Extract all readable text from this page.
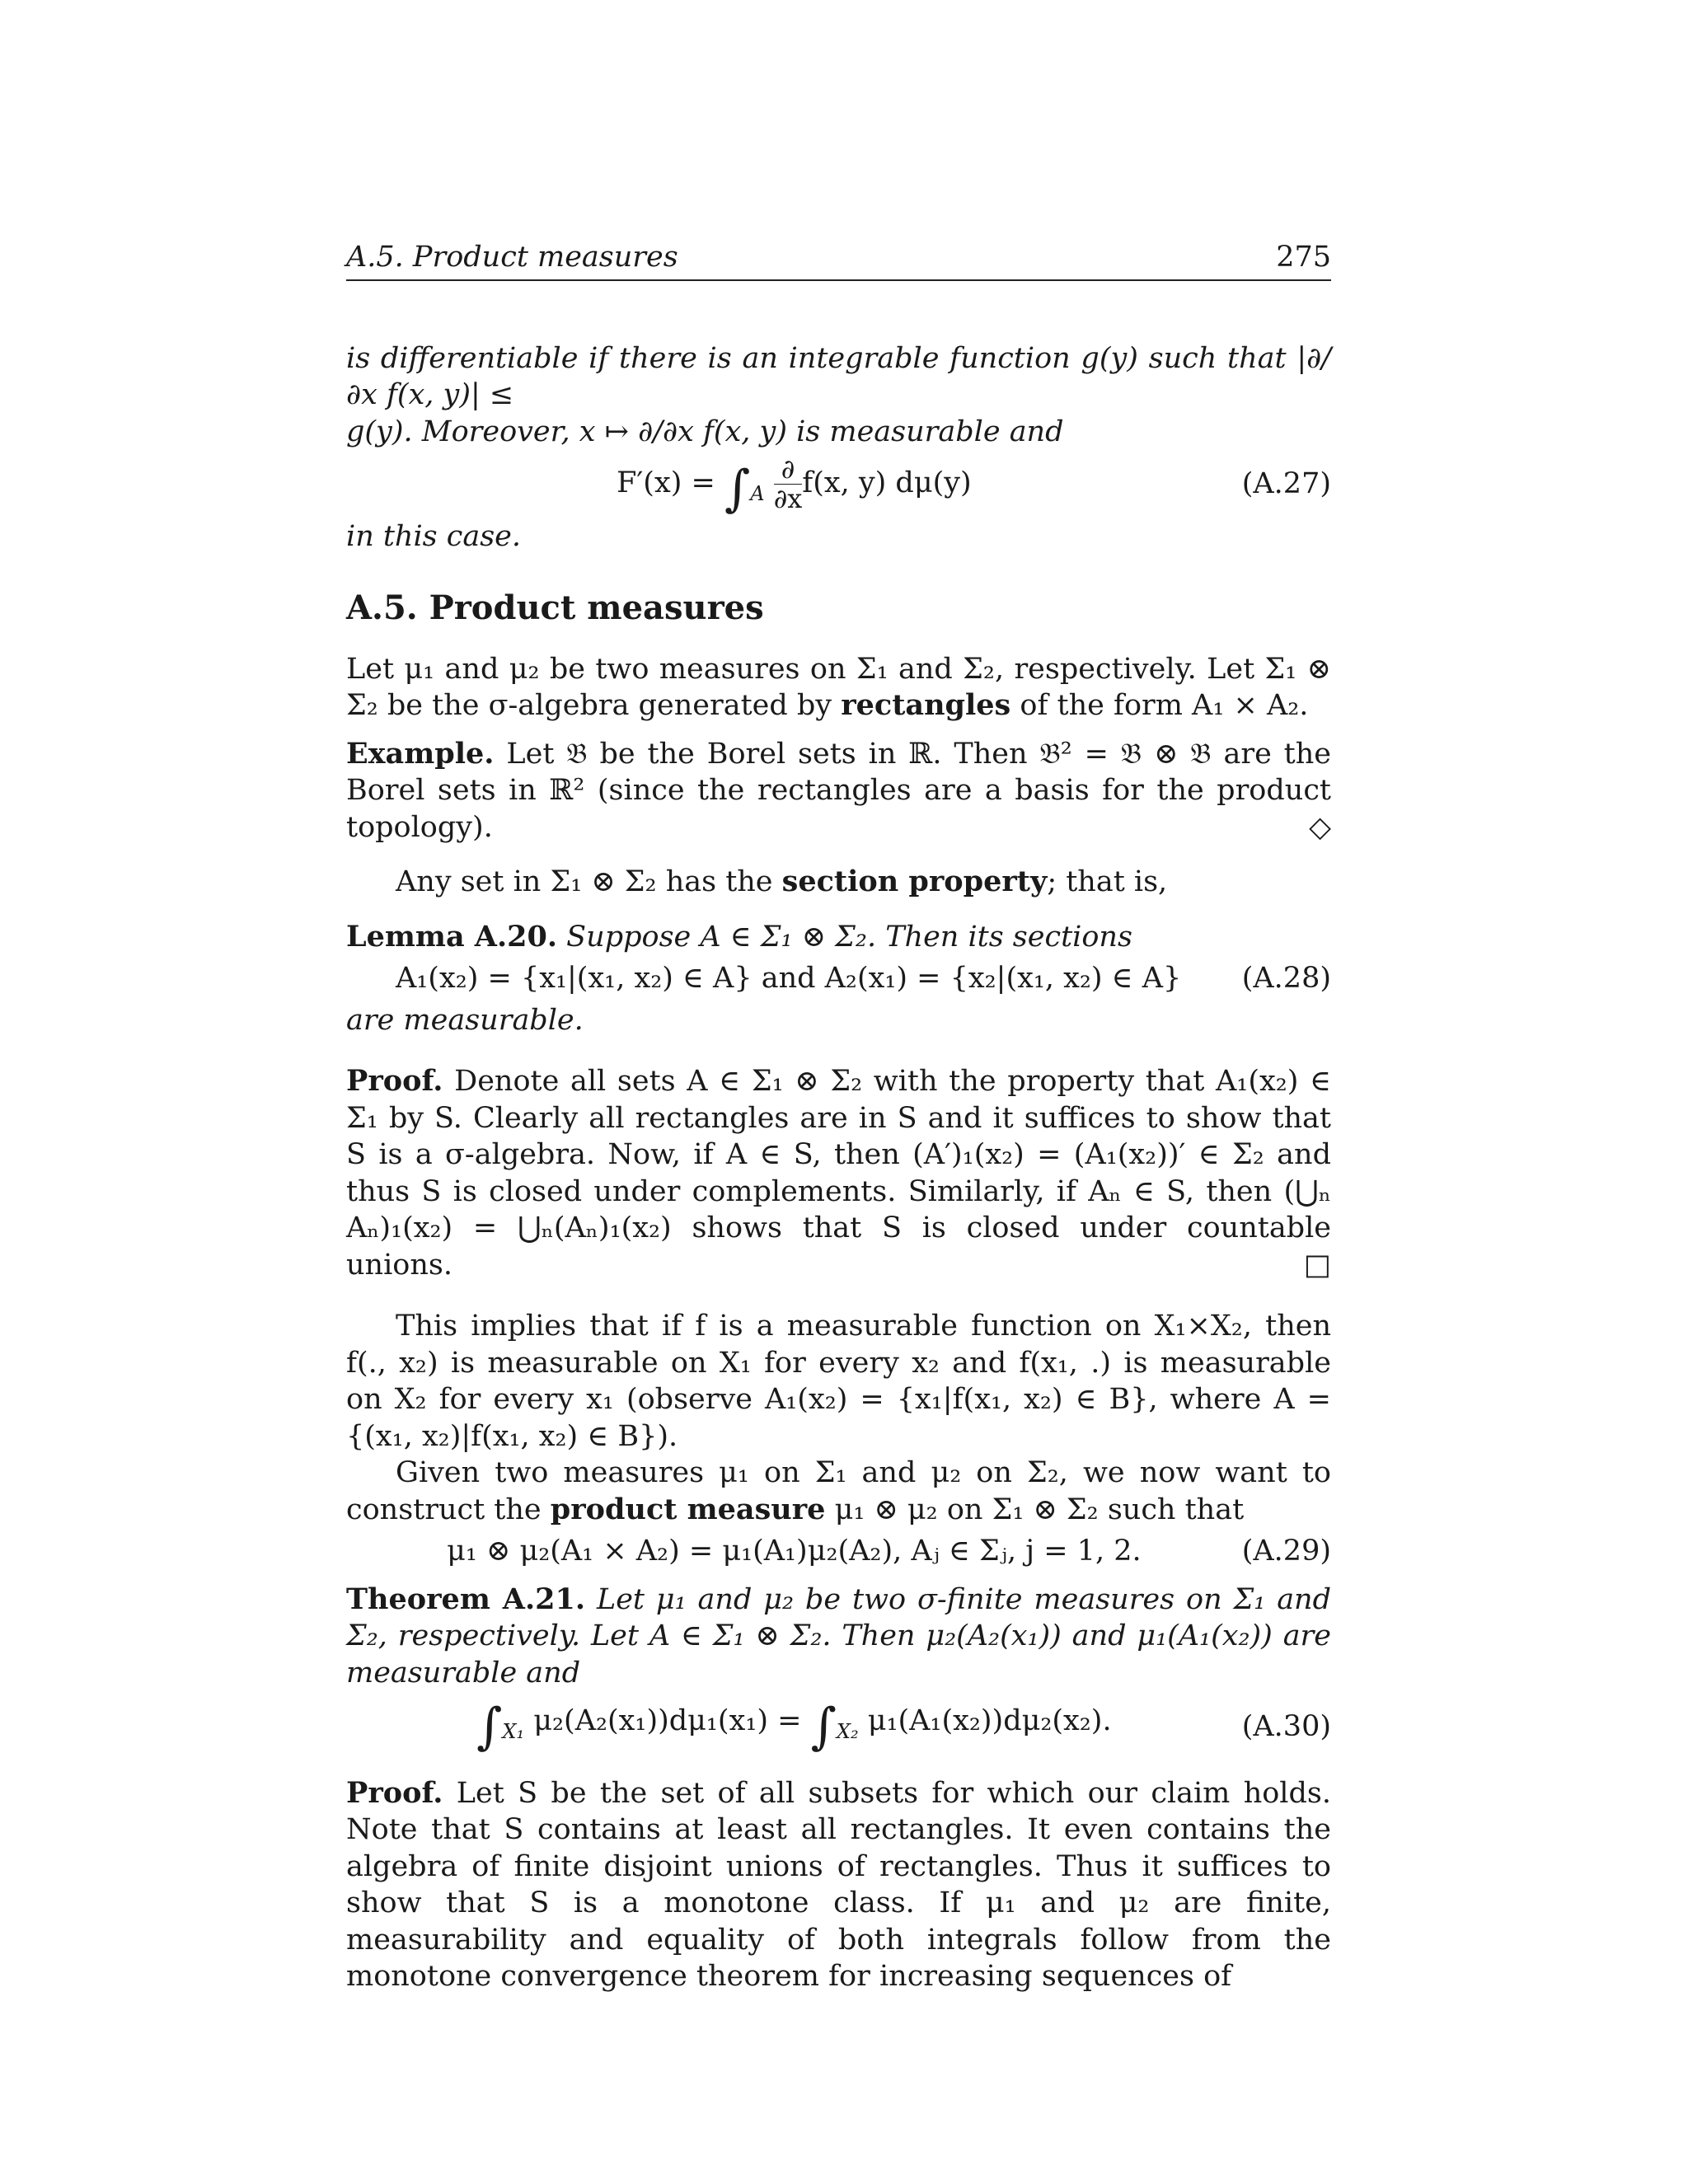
A.5. Product measures	275

is differentiable if there is an integrable function g(y) such that |∂/∂x f(x, y)| ≤

g(y). Moreover, x ↦ ∂/∂x f(x, y) is measurable and

$F'(x) = \int_A \frac{\partial}{\partial x} f(x$, y) dμ(y)	(A.27)

in this case.

A.5. Product measures

Let μ₁ and μ₂ be two measures on Σ₁ and Σ₂, respectively. Let Σ₁ ⊗ Σ₂ be the σ-algebra generated by rectangles of the form A₁ × A₂.

Example. Let 𝔅 be the Borel sets in ℝ. Then 𝔅² = 𝔅 ⊗ 𝔅 are the Borel sets in ℝ² (since the rectangles are a basis for the product topology).	◇

Any set in Σ₁ ⊗ Σ₂ has the section property; that is,

Lemma A.20. Suppose A ∈ Σ₁ ⊗ Σ₂. Then its sections

A₁(x₂) = {x₁|(x₁, x₂) ∈ A} and A₂(x₁) = {x₂|(x₁, x₂) ∈ A}	(A.28)

are measurable.

Proof. Denote all sets A ∈ Σ₁ ⊗ Σ₂ with the property that A₁(x₂) ∈ Σ₁ by S. Clearly all rectangles are in S and it suffices to show that S is a σ-algebra. Now, if A ∈ S, then (A′)₁(x₂) = (A₁(x₂))′ ∈ Σ₂ and thus S is closed under complements. Similarly, if Aₙ ∈ S, then (⋃ₙ Aₙ)₁(x₂) = ⋃ₙ(Aₙ)₁(x₂) shows that S is closed under countable unions.	□

This implies that if f is a measurable function on X₁×X₂, then f(., x₂) is measurable on X₁ for every x₂ and f(x₁, .) is measurable on X₂ for every x₁ (observe A₁(x₂) = {x₁|f(x₁, x₂) ∈ B}, where A = {(x₁, x₂)|f(x₁, x₂) ∈ B}).

Given two measures μ₁ on Σ₁ and μ₂ on Σ₂, we now want to construct the product measure μ₁ ⊗ μ₂ on Σ₁ ⊗ Σ₂ such that

μ₁ ⊗ μ₂(A₁ × A₂) = μ₁(A₁)μ₂(A₂), Aⱼ ∈ Σⱼ, j = 1, 2.	(A.29)

Theorem A.21. Let μ₁ and μ₂ be two σ-finite measures on Σ₁ and Σ₂, respectively. Let A ∈ Σ₁ ⊗ Σ₂. Then μ₂(A₂(x₁)) and μ₁(A₁(x₂)) are measurable and

$\int_{X_1}$ $\mu_2(A_2(x_1))d\mu_1(x_1) = \int_{X_2}$ μ₁(A₁(x₂))dμ₂(x₂).	(A.30)

Proof. Let S be the set of all subsets for which our claim holds. Note that S contains at least all rectangles. It even contains the algebra of finite disjoint unions of rectangles. Thus it suffices to show that S is a monotone class. If μ₁ and μ₂ are finite, measurability and equality of both integrals follow from the monotone convergence theorem for increasing sequences of
